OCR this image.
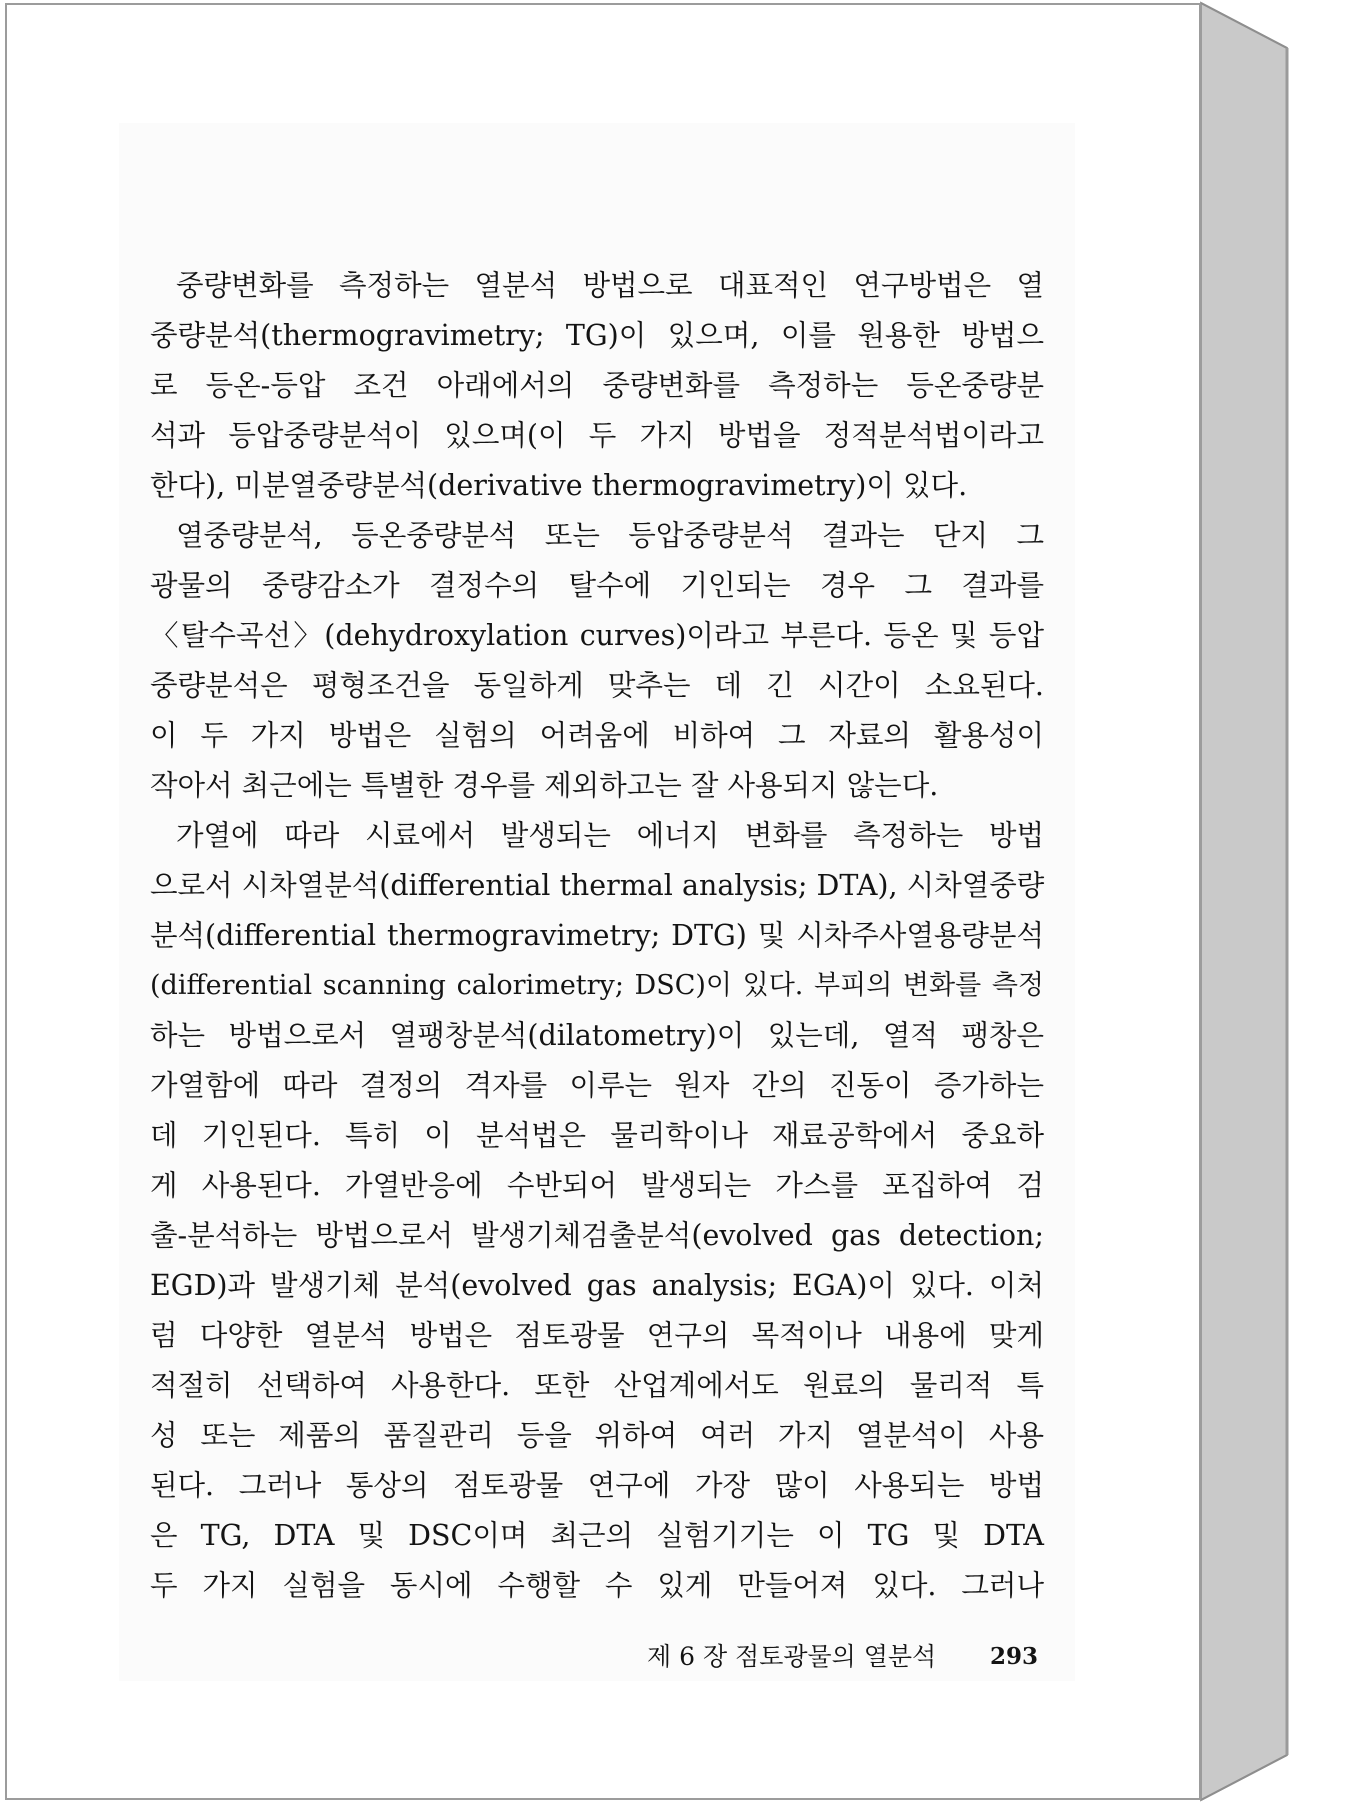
중량변화를 측정하는 열분석 방법으로 대표적인 연구방법은 열
중량분석(thermogravimetry; TG)이 있으며, 이를 원용한 방법으
로 등온-등압 조건 아래에서의 중량변화를 측정하는 등온중량분
석과 등압중량분석이 있으며(이 두 가지 방법을 정적분석법이라고
한다), 미분열중량분석(derivative thermogravimetry)이 있다.
열중량분석, 등온중량분석 또는 등압중량분석 결과는 단지 그
광물의 중량감소가 결정수의 탈수에 기인되는 경우 그 결과를
〈탈수곡선〉(dehydroxylation curves)이라고 부른다. 등온 및 등압
중량분석은 평형조건을 동일하게 맞추는 데 긴 시간이 소요된다.
이 두 가지 방법은 실험의 어려움에 비하여 그 자료의 활용성이
작아서 최근에는 특별한 경우를 제외하고는 잘 사용되지 않는다.
가열에 따라 시료에서 발생되는 에너지 변화를 측정하는 방법
으로서 시차열분석(differential thermal analysis; DTA), 시차열중량
분석(differential thermogravimetry; DTG) 및 시차주사열용량분석
(differential scanning calorimetry; DSC)이 있다. 부피의 변화를 측정
하는 방법으로서 열팽창분석(dilatometry)이 있는데, 열적 팽창은
가열함에 따라 결정의 격자를 이루는 원자 간의 진동이 증가하는
데 기인된다. 특히 이 분석법은 물리학이나 재료공학에서 중요하
게 사용된다. 가열반응에 수반되어 발생되는 가스를 포집하여 검
출-분석하는 방법으로서 발생기체검출분석(evolved gas detection;
EGD)과 발생기체 분석(evolved gas analysis; EGA)이 있다. 이처
럼 다양한 열분석 방법은 점토광물 연구의 목적이나 내용에 맞게
적절히 선택하여 사용한다. 또한 산업계에서도 원료의 물리적 특
성 또는 제품의 품질관리 등을 위하여 여러 가지 열분석이 사용
된다. 그러나 통상의 점토광물 연구에 가장 많이 사용되는 방법
은 TG, DTA 및 DSC이며 최근의 실험기기는 이 TG 및 DTA
두 가지 실험을 동시에 수행할 수 있게 만들어져 있다. 그러나
제 6 장 점토광물의 열분석 293
